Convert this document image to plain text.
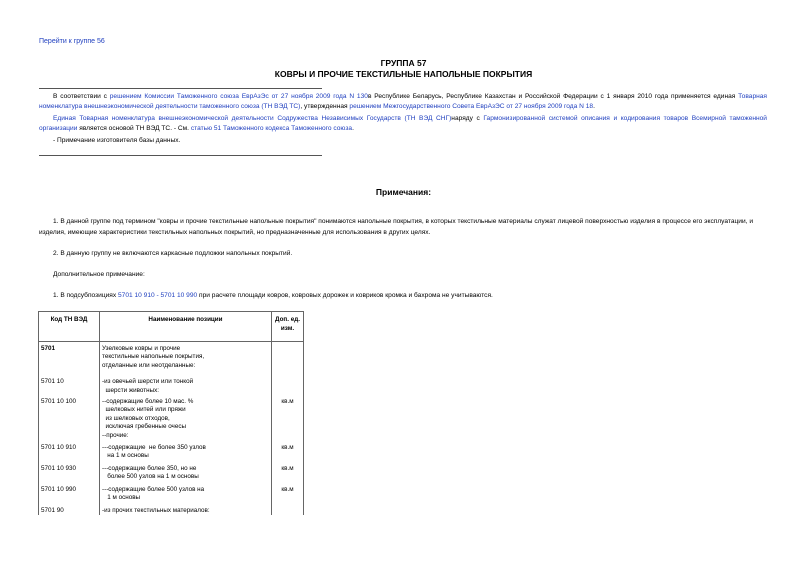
Перейти к группе 56
ГРУППА 57
КОВРЫ И ПРОЧИЕ ТЕКСТИЛЬНЫЕ НАПОЛЬНЫЕ ПОКРЫТИЯ
В соответствии с решением Комиссии Таможенного союза ЕврАзЭс от 27 ноября 2009 года N 130в Республике Беларусь, Республике Казахстан и Российской Федерации с 1 января 2010 года применяется единая Товарная номенклатура внешнеэкономической деятельности таможенного союза (ТН ВЭД ТС), утвержденная решением Межгосударственного Совета ЕврАзЭС от 27 ноября 2009 года N 18.
Единая Товарная номенклатура внешнеэкономической деятельности Содружества Независимых Государств (ТН ВЭД СНГ)наряду с Гармонизированной системой описания и кодирования товаров Всемирной таможенной организации является основой ТН ВЭД ТС. - См. статью 51 Таможенного кодекса Таможенного союза.
- Примечание изготовителя базы данных.
Примечания:
1. В данной группе под термином "ковры и прочие текстильные напольные покрытия" понимаются напольные покрытия, в которых текстильные материалы служат лицевой поверхностью изделия в процессе его эксплуатации, и изделия, имеющие характеристики текстильных напольных покрытий, но предназначенные для использования в других целях.
2. В данную группу не включаются каркасные подложки напольных покрытий.
Дополнительное примечание:
1. В подсубпозициях 5701 10 910 - 5701 10 990 при расчете площади ковров, ковровых дорожек и ковриков кромка и бахрома не учитываются.
Код ТН ВЭД	Наименование позиции	Доп. ед. изм.
5701	Узелковые ковры и прочие
текстильные напольные покрытия,
отделанные или неотделанные:	

5701 10	-из овечьей шерсти или тонкой
шерсти животных:	

5701 10 100	--содержащие более 10 мас. %
шелковых нитей или пряжи
из шелковых отходов,
исключая гребенные очесы
--прочие:	кв.м
5701 10 910	---содержащие  не более 350 узлов
на 1 м основы	кв.м
5701 10 930	---содержащие более 350, но не
более 500 узлов на 1 м основы	кв.м
5701 10 990	---содержащие более 500 узлов на
1 м основы	кв.м
5701 90	-из прочих текстильных материалов:	
